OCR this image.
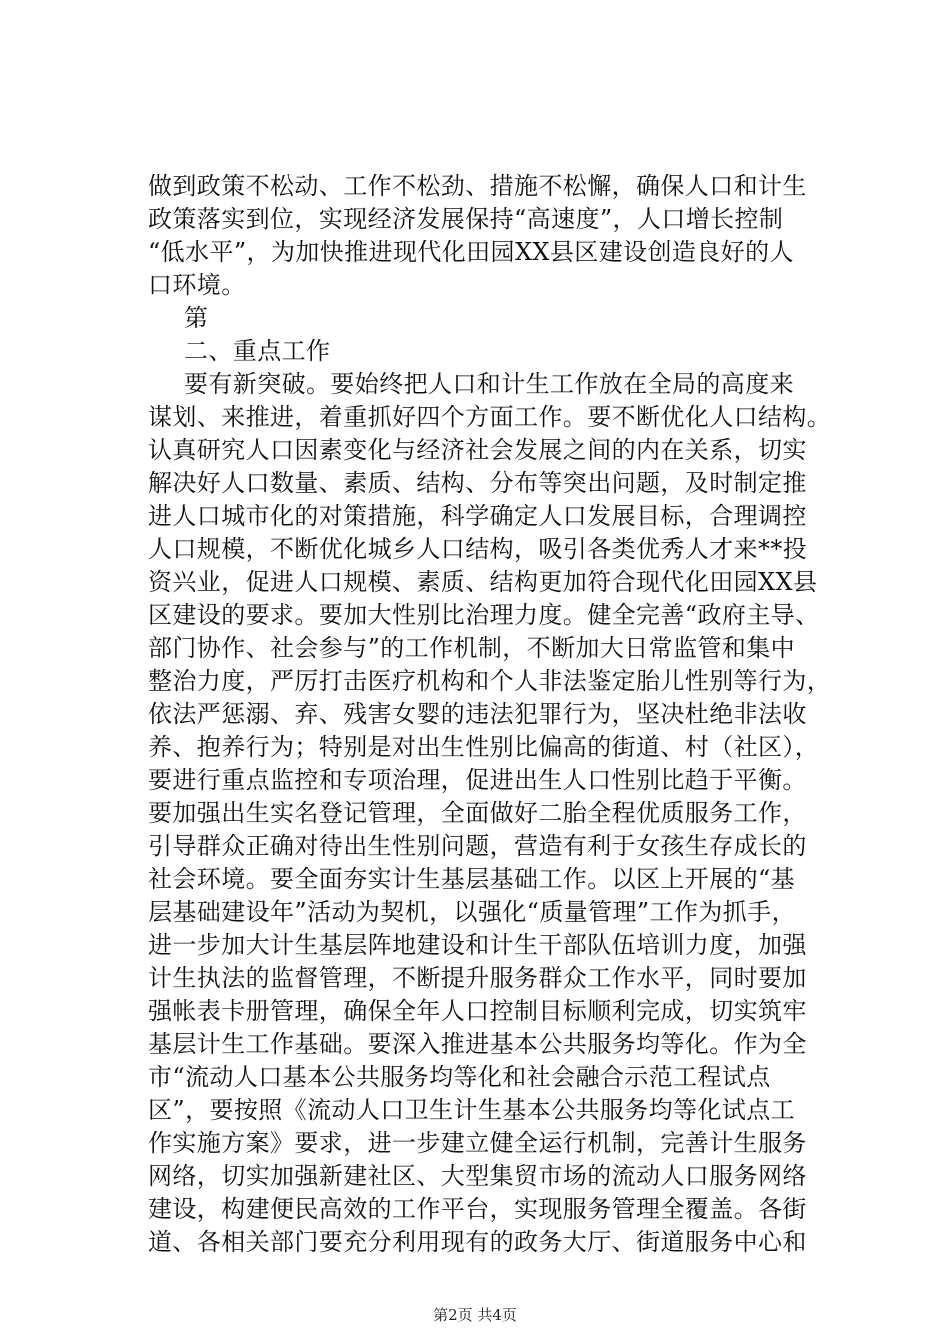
做到政策不松动、工作不松劲、措施不松懈，确保人口和计生
政策落实到位，实现经济发展保持“高速度”，人口增长控制
“低水平”，为加快推进现代化田园XX县区建设创造良好的人
口环境。
第
二、重点工作
要有新突破。要始终把人口和计生工作放在全局的高度来
谋划、来推进，着重抓好四个方面工作。要不断优化人口结构。
认真研究人口因素变化与经济社会发展之间的内在关系，切实
解决好人口数量、素质、结构、分布等突出问题，及时制定推
进人口城市化的对策措施，科学确定人口发展目标，合理调控
人口规模，不断优化城乡人口结构，吸引各类优秀人才来**投
资兴业，促进人口规模、素质、结构更加符合现代化田园XX县
区建设的要求。要加大性别比治理力度。健全完善“政府主导、
部门协作、社会参与”的工作机制，不断加大日常监管和集中
整治力度，严厉打击医疗机构和个人非法鉴定胎儿性别等行为，
依法严惩溺、弃、残害女婴的违法犯罪行为，坚决杜绝非法收
养、抱养行为；特别是对出生性别比偏高的街道、村（社区），
要进行重点监控和专项治理，促进出生人口性别比趋于平衡。
要加强出生实名登记管理，全面做好二胎全程优质服务工作，
引导群众正确对待出生性别问题，营造有利于女孩生存成长的
社会环境。要全面夯实计生基层基础工作。以区上开展的“基
层基础建设年”活动为契机，以强化“质量管理”工作为抓手，
进一步加大计生基层阵地建设和计生干部队伍培训力度，加强
计生执法的监督管理，不断提升服务群众工作水平，同时要加
强帐表卡册管理，确保全年人口控制目标顺利完成，切实筑牢
基层计生工作基础。要深入推进基本公共服务均等化。作为全
市“流动人口基本公共服务均等化和社会融合示范工程试点
区”，要按照《流动人口卫生计生基本公共服务均等化试点工
作实施方案》要求，进一步建立健全运行机制，完善计生服务
网络，切实加强新建社区、大型集贸市场的流动人口服务网络
建设，构建便民高效的工作平台，实现服务管理全覆盖。各街
道、各相关部门要充分利用现有的政务大厅、街道服务中心和
第2页 共4页
